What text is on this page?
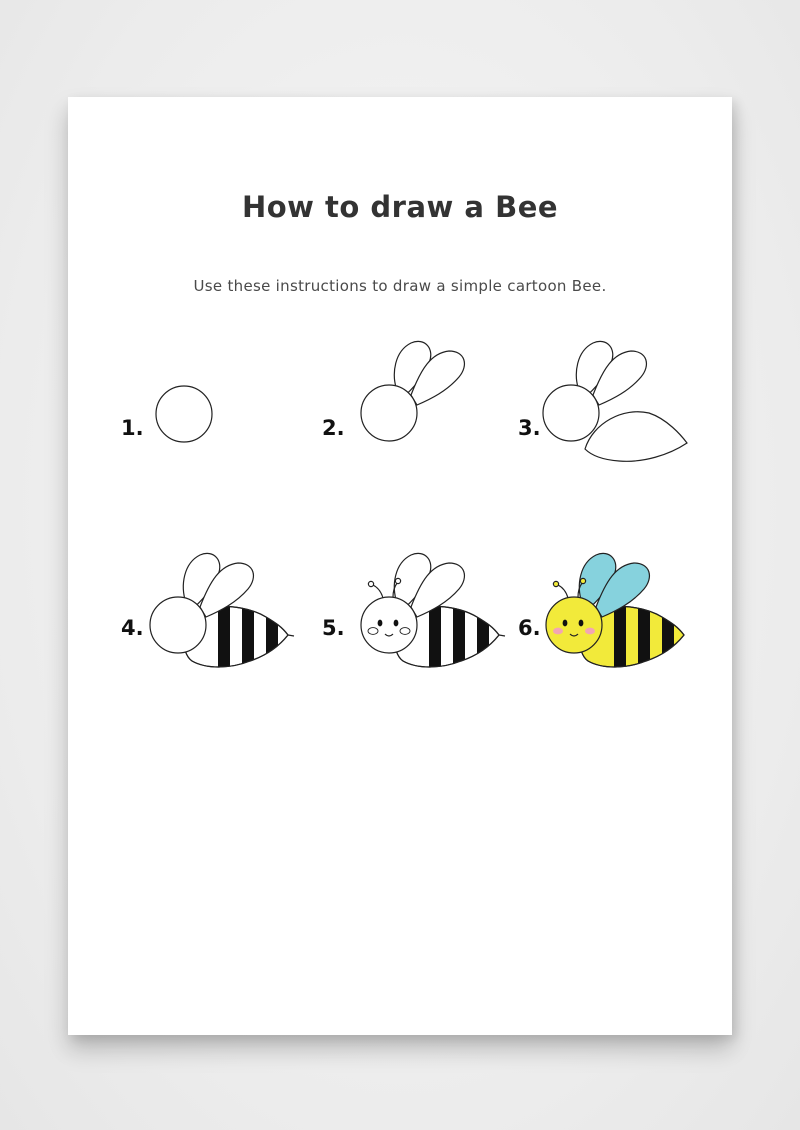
How to draw a Bee
Use these instructions to draw a simple cartoon Bee.
1.	2.	3.
4.	5.	6.
